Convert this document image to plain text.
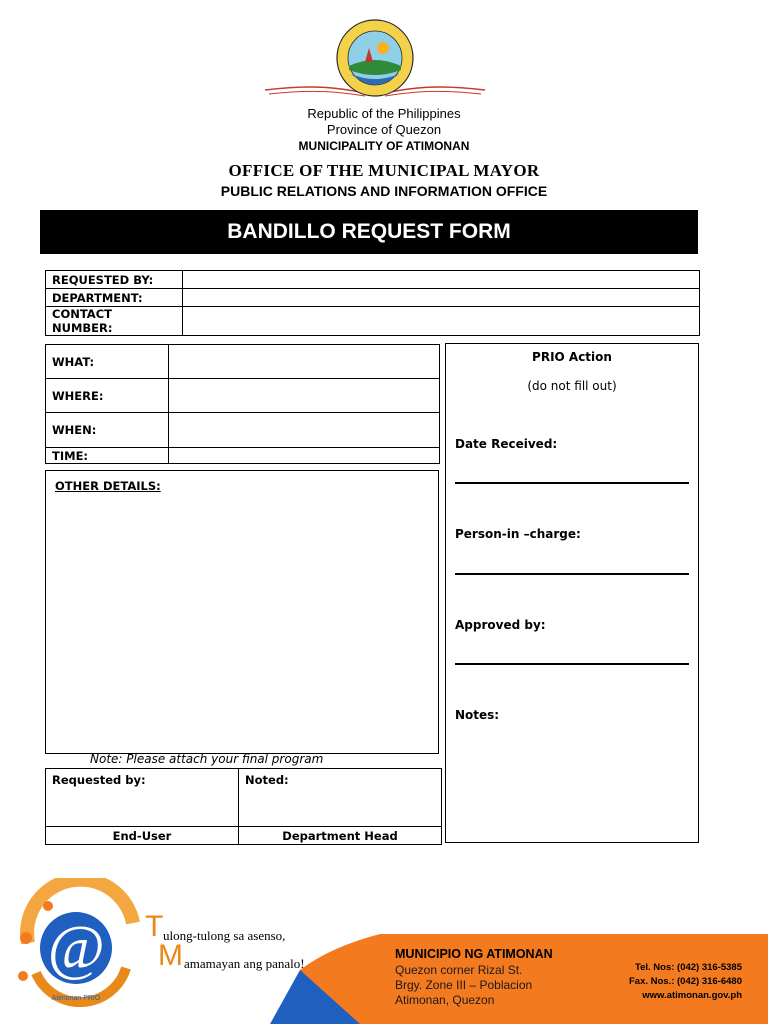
Republic of the Philippines
Province of Quezon
MUNICIPALITY OF ATIMONAN
OFFICE OF THE MUNICIPAL MAYOR
PUBLIC RELATIONS AND INFORMATION OFFICE
BANDILLO REQUEST FORM
REQUESTED BY:	
DEPARTMENT:	
CONTACT NUMBER:	
WHAT:	
WHERE:	
WHEN:	
TIME:	
OTHER DETAILS:
Note: Please attach your final program
Requested by:	Noted:
End-User	Department Head
PRIO Action
(do not fill out)
Date Received:
Person-in –charge:
Approved by:
Notes:
@
Atimonan PRIO
T ulong-tulong sa asenso,
M amamayan ang panalo!
MUNICIPIO NG ATIMONAN
Quezon corner Rizal St.
Brgy. Zone III – Poblacion
Atimonan, Quezon
Tel. Nos: (042) 316-5385
Fax. Nos.: (042) 316-6480
www.atimonan.gov.ph
